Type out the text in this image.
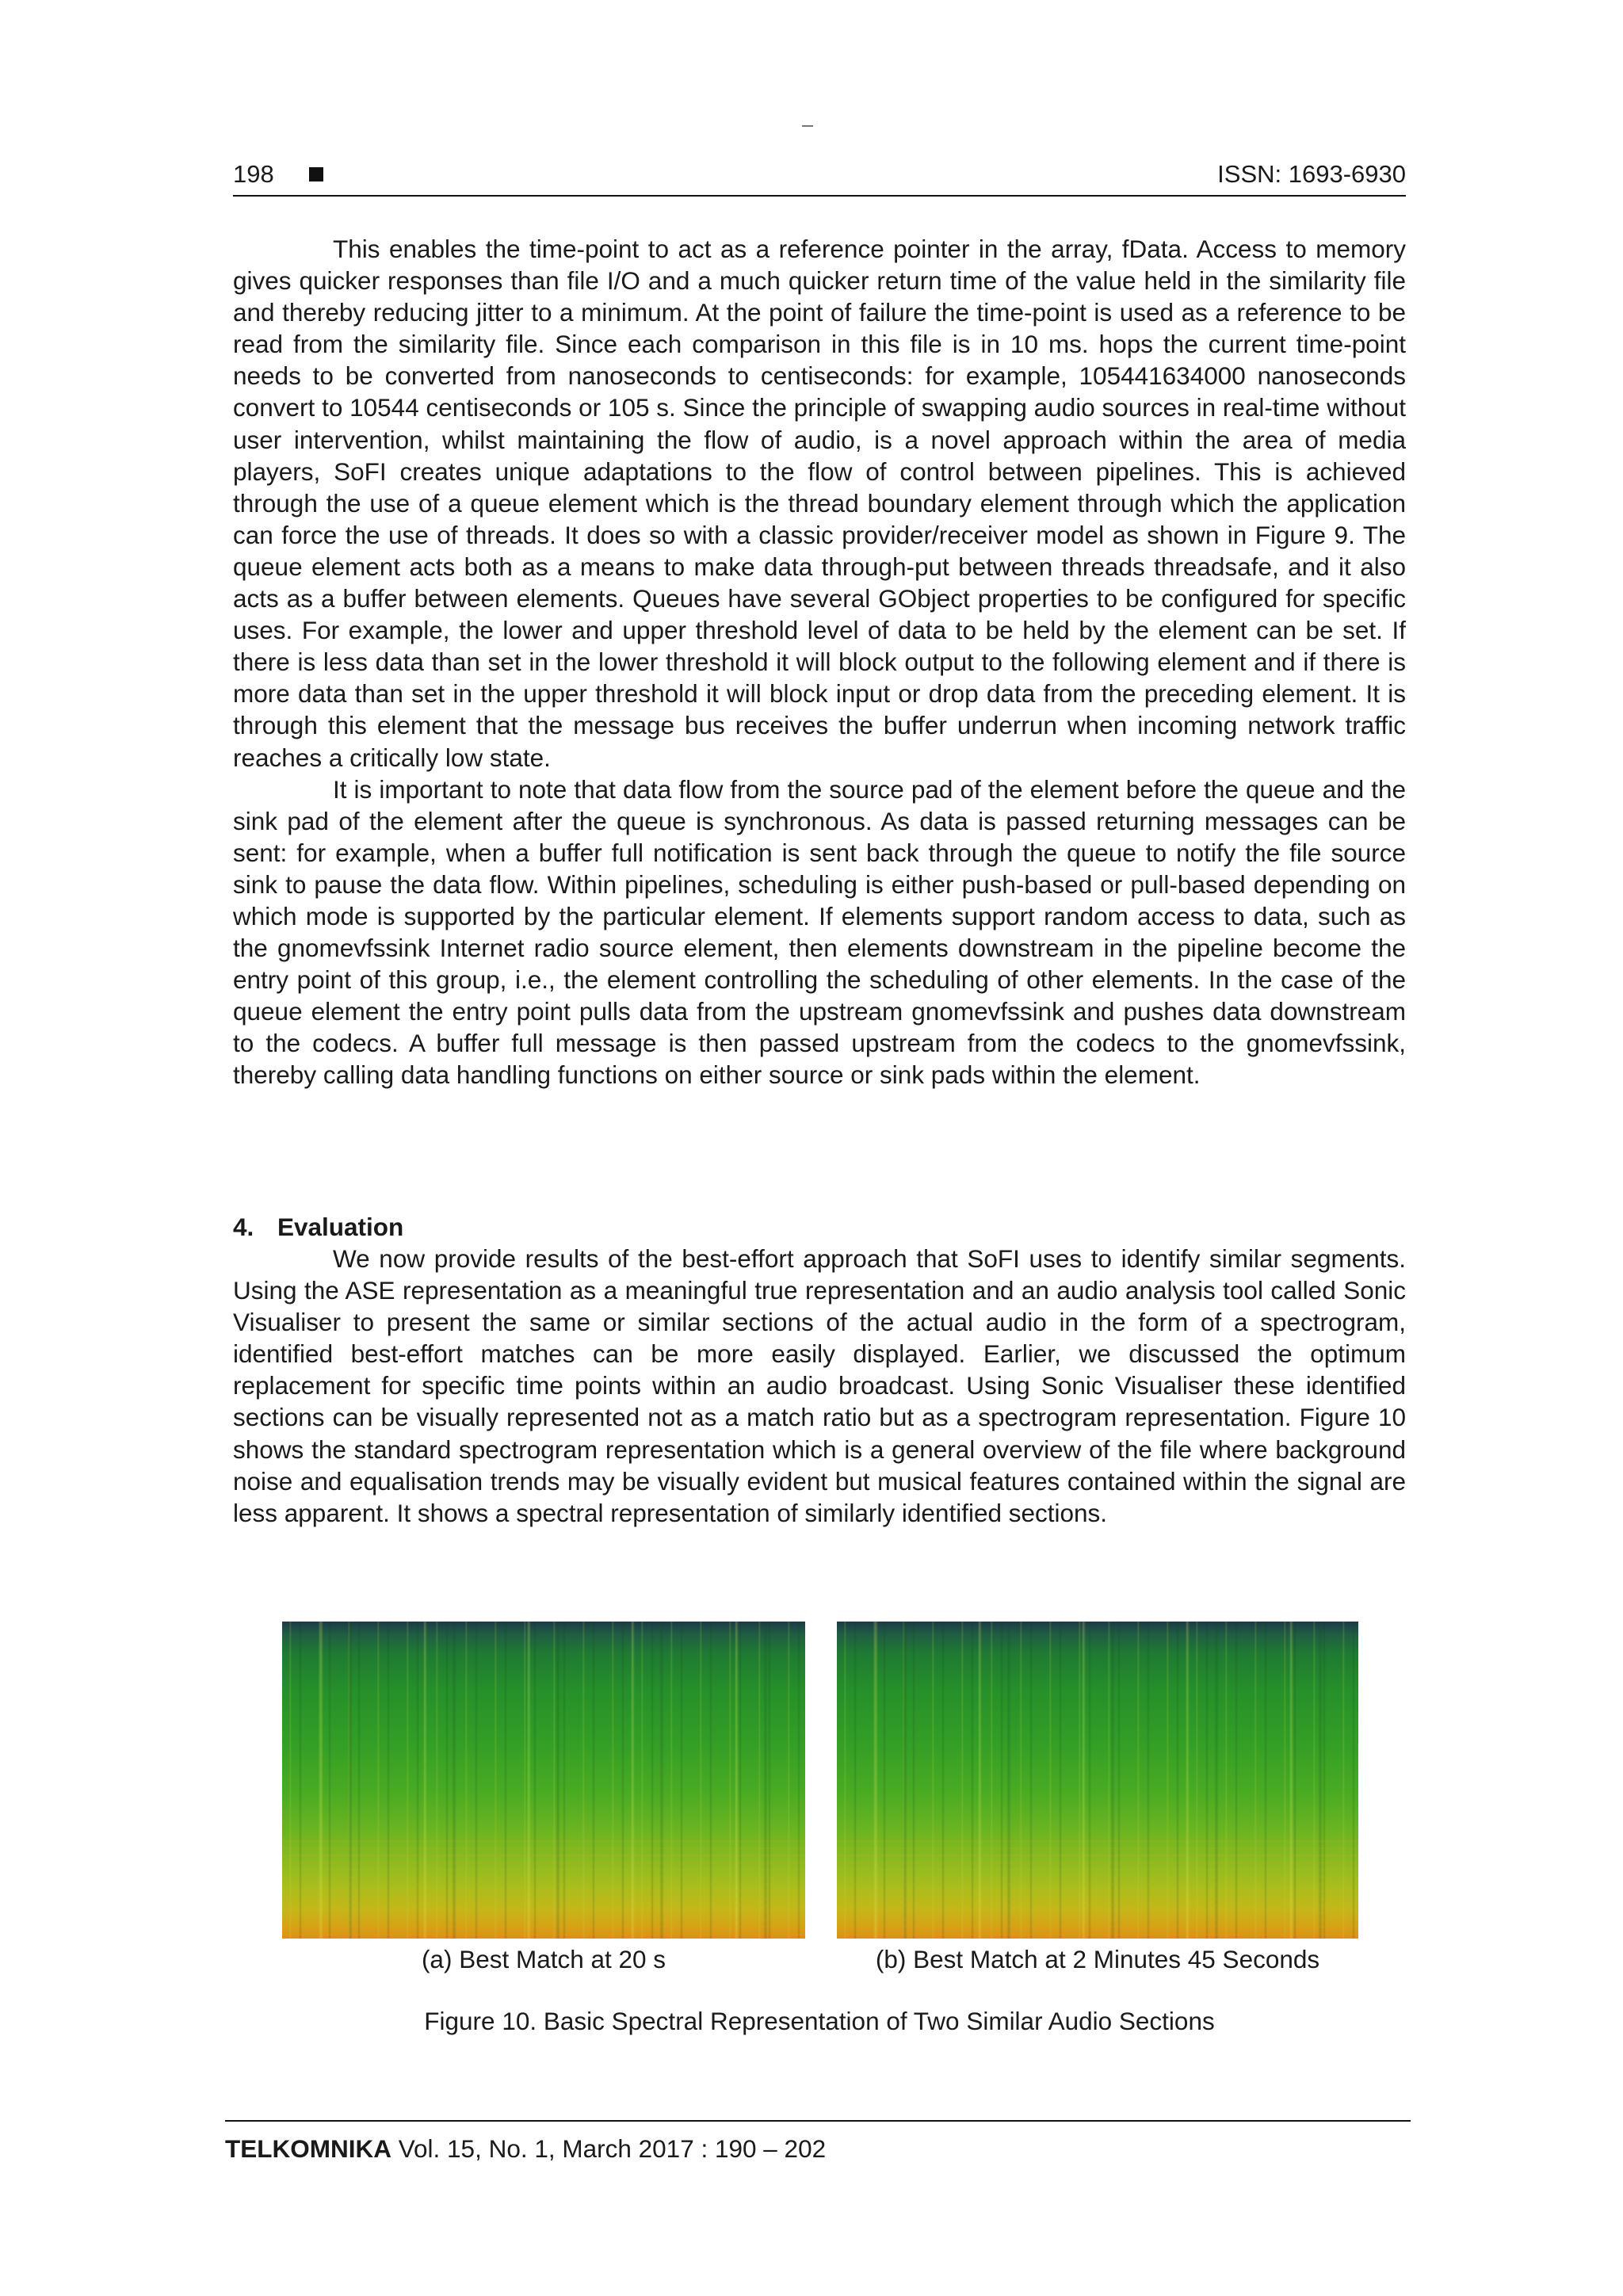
198	ISSN: 1693-6930

This enables the time-point to act as a reference pointer in the array, fData. Access to memory gives quicker responses than file I/O and a much quicker return time of the value held in the similarity file and thereby reducing jitter to a minimum. At the point of failure the time-point is used as a reference to be read from the similarity file. Since each comparison in this file is in 10 ms. hops the current time-point needs to be converted from nanoseconds to centiseconds: for example, 105441634000 nanoseconds convert to 10544 centiseconds or 105 s. Since the principle of swapping audio sources in real-time without user intervention, whilst maintaining the flow of audio, is a novel approach within the area of media players, SoFI creates unique adaptations to the flow of control between pipelines. This is achieved through the use of a queue element which is the thread boundary element through which the application can force the use of threads. It does so with a classic provider/receiver model as shown in Figure 9. The queue element acts both as a means to make data through-put between threads threadsafe, and it also acts as a buffer between elements. Queues have several GObject properties to be configured for specific uses. For example, the lower and upper threshold level of data to be held by the element can be set. If there is less data than set in the lower threshold it will block output to the following element and if there is more data than set in the upper threshold it will block input or drop data from the preceding element. It is through this element that the message bus receives the buffer underrun when incoming network traffic reaches a critically low state.

It is important to note that data flow from the source pad of the element before the queue and the sink pad of the element after the queue is synchronous. As data is passed returning messages can be sent: for example, when a buffer full notification is sent back through the queue to notify the file source sink to pause the data flow. Within pipelines, scheduling is either push-based or pull-based depending on which mode is supported by the particular element. If elements support random access to data, such as the gnomevfssink Internet radio source element, then elements downstream in the pipeline become the entry point of this group, i.e., the element controlling the scheduling of other elements. In the case of the queue element the entry point pulls data from the upstream gnomevfssink and pushes data downstream to the codecs. A buffer full message is then passed upstream from the codecs to the gnomevfssink, thereby calling data handling functions on either source or sink pads within the element.

4. Evaluation

We now provide results of the best-effort approach that SoFI uses to identify similar segments. Using the ASE representation as a meaningful true representation and an audio analysis tool called Sonic Visualiser to present the same or similar sections of the actual audio in the form of a spectrogram, identified best-effort matches can be more easily displayed. Earlier, we discussed the optimum replacement for specific time points within an audio broadcast. Using Sonic Visualiser these identified sections can be visually represented not as a match ratio but as a spectrogram representation. Figure 10 shows the standard spectrogram representation which is a general overview of the file where background noise and equalisation trends may be visually evident but musical features contained within the signal are less apparent. It shows a spectral representation of similarly identified sections.

(a) Best Match at 20 s	(b) Best Match at 2 Minutes 45 Seconds
Figure 10. Basic Spectral Representation of Two Similar Audio Sections
TELKOMNIKA Vol. 15, No. 1, March 2017 : 190 – 202
